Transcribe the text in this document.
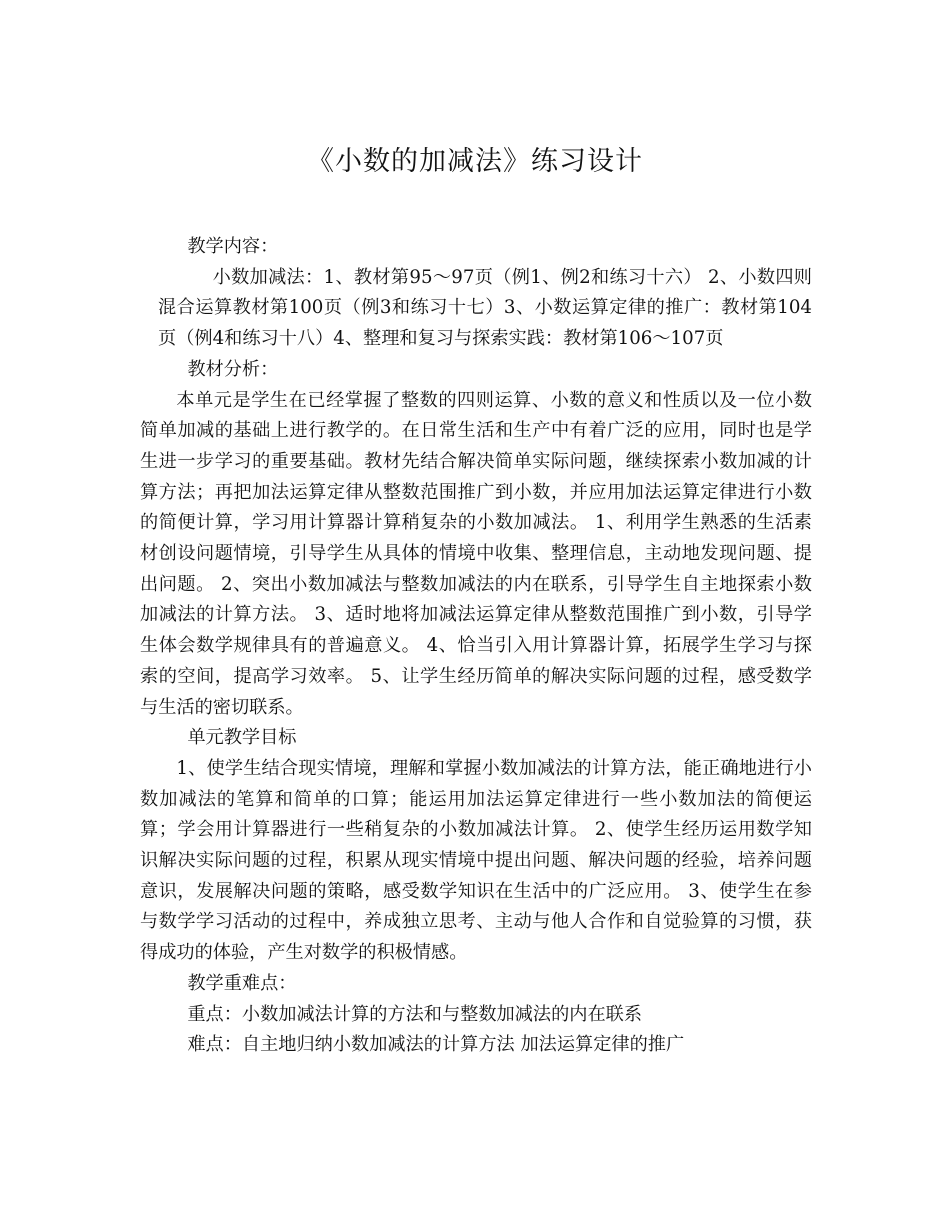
《小数的加减法》练习设计

教学内容：

小数加减法：1、教材第95～97页（例1、例2和练习十六） 2、小数四则混合运算教材第100页（例3和练习十七）3、小数运算定律的推广：教材第104页（例4和练习十八）4、整理和复习与探索实践：教材第106～107页

教材分析：

本单元是学生在已经掌握了整数的四则运算、小数的意义和性质以及一位小数简单加减的基础上进行教学的。在日常生活和生产中有着广泛的应用，同时也是学生进一步学习的重要基础。教材先结合解决简单实际问题，继续探索小数加减的计算方法；再把加法运算定律从整数范围推广到小数，并应用加法运算定律进行小数的简便计算，学习用计算器计算稍复杂的小数加减法。 1、利用学生熟悉的生活素材创设问题情境，引导学生从具体的情境中收集、整理信息，主动地发现问题、提出问题。 2、突出小数加减法与整数加减法的内在联系，引导学生自主地探索小数加减法的计算方法。 3、适时地将加减法运算定律从整数范围推广到小数，引导学生体会数学规律具有的普遍意义。 4、恰当引入用计算器计算，拓展学生学习与探索的空间，提高学习效率。 5、让学生经历简单的解决实际问题的过程，感受数学与生活的密切联系。

单元教学目标

1、使学生结合现实情境，理解和掌握小数加减法的计算方法，能正确地进行小数加减法的笔算和简单的口算；能运用加法运算定律进行一些小数加法的简便运算；学会用计算器进行一些稍复杂的小数加减法计算。 2、使学生经历运用数学知识解决实际问题的过程，积累从现实情境中提出问题、解决问题的经验，培养问题意识，发展解决问题的策略，感受数学知识在生活中的广泛应用。 3、使学生在参与数学学习活动的过程中，养成独立思考、主动与他人合作和自觉验算的习惯，获得成功的体验，产生对数学的积极情感。

教学重难点：

重点：小数加减法计算的方法和与整数加减法的内在联系

难点：自主地归纳小数加减法的计算方法 加法运算定律的推广
